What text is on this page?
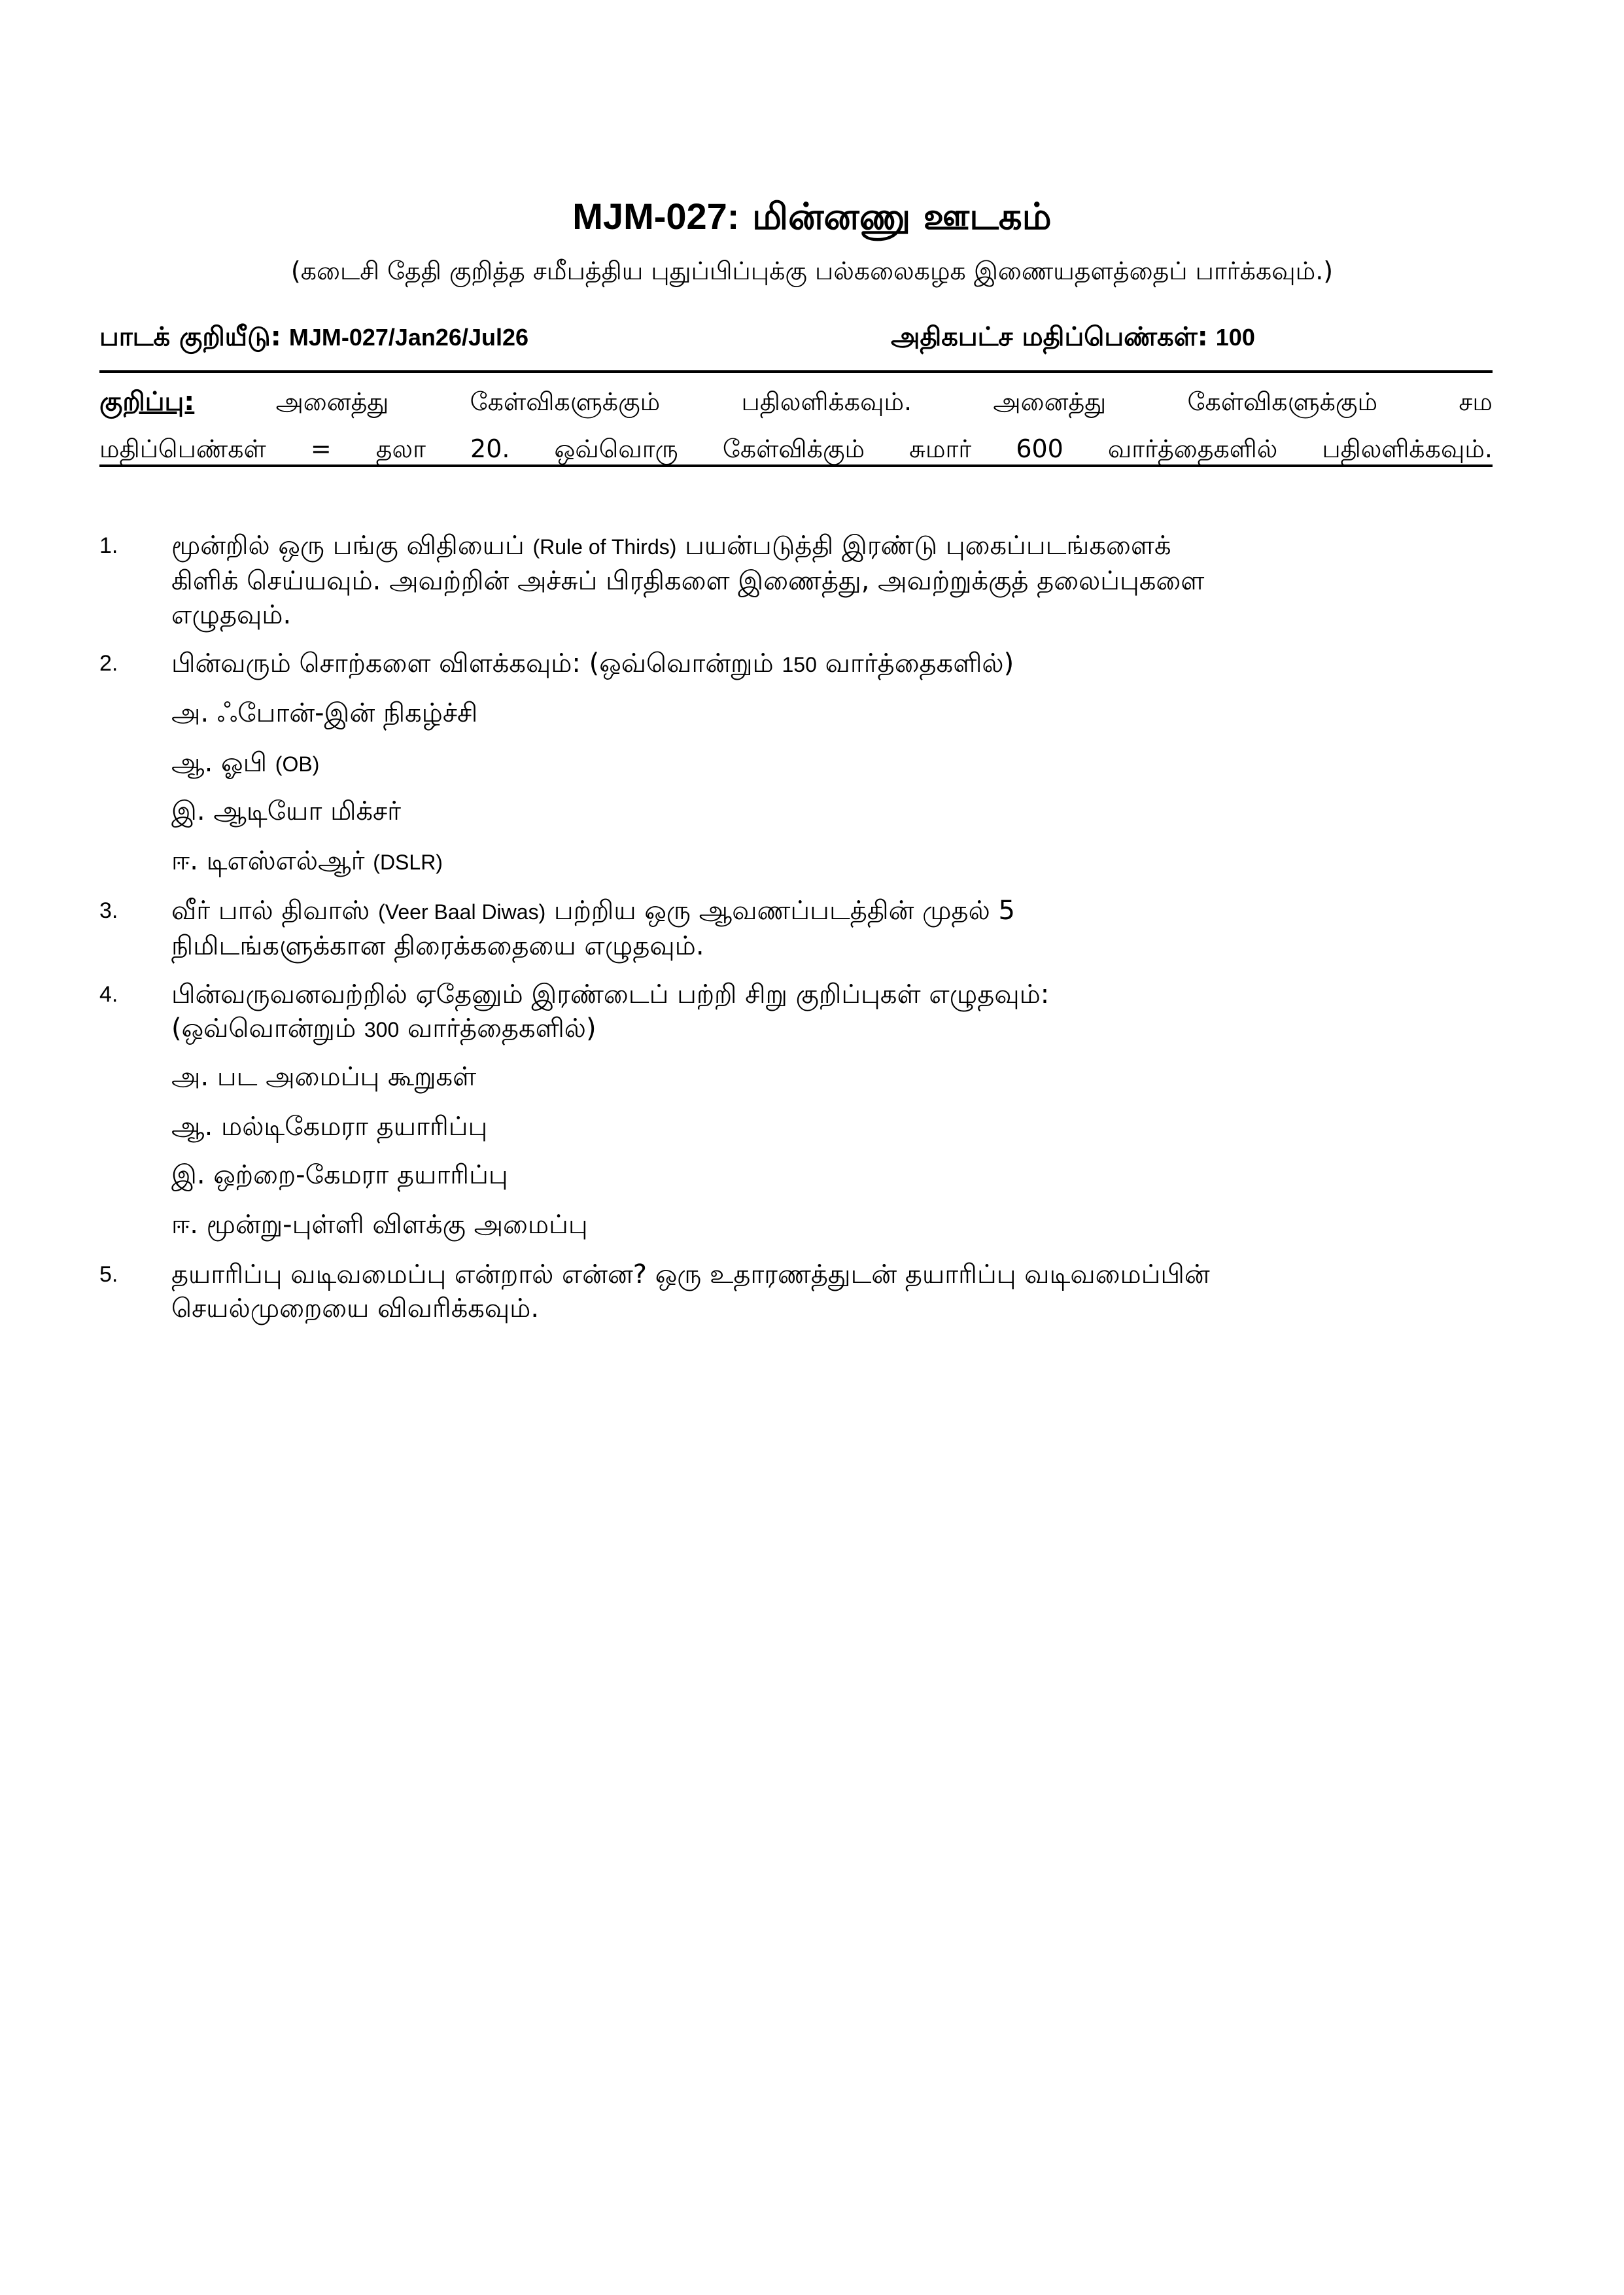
MJM-027: மின்னணு ஊடகம்
(கடைசி தேதி குறித்த சமீபத்திய புதுப்பிப்புக்கு பல்கலைகழக இணையதளத்தைப் பார்க்கவும்.)
பாடக் குறியீடு: MJM-027/Jan26/Jul26	அதிகபட்ச மதிப்பெண்கள்: 100
குறிப்பு:	அனைத்து கேள்விகளுக்கும் பதிலளிக்கவும். அனைத்து கேள்விகளுக்கும் சம
மதிப்பெண்கள் = தலா 20. ஒவ்வொரு கேள்விக்கும் சுமார் 600 வார்த்தைகளில் பதிலளிக்கவும்.
1. மூன்றில் ஒரு பங்கு விதியைப் (Rule of Thirds) பயன்படுத்தி இரண்டு புகைப்படங்களைக்
கிளிக் செய்யவும். அவற்றின் அச்சுப் பிரதிகளை இணைத்து, அவற்றுக்குத் தலைப்புகளை
எழுதவும்.
2. பின்வரும் சொற்களை விளக்கவும்: (ஒவ்வொன்றும் 150 வார்த்தைகளில்)
அ. ஃபோன்-இன் நிகழ்ச்சி
ஆ. ஓபி (OB)
இ. ஆடியோ மிக்சர்
ஈ. டிஎஸ்எல்ஆர் (DSLR)
3. வீர் பால் திவாஸ் (Veer Baal Diwas) பற்றிய ஒரு ஆவணப்படத்தின் முதல் 5
நிமிடங்களுக்கான திரைக்கதையை எழுதவும்.
4. பின்வருவனவற்றில் ஏதேனும் இரண்டைப் பற்றி சிறு குறிப்புகள் எழுதவும்:
(ஒவ்வொன்றும் 300 வார்த்தைகளில்)
அ. பட அமைப்பு கூறுகள்
ஆ. மல்டிகேமரா தயாரிப்பு
இ. ஒற்றை-கேமரா தயாரிப்பு
ஈ. மூன்று-புள்ளி விளக்கு அமைப்பு
5. தயாரிப்பு வடிவமைப்பு என்றால் என்ன? ஒரு உதாரணத்துடன் தயாரிப்பு வடிவமைப்பின்
செயல்முறையை விவரிக்கவும்.
